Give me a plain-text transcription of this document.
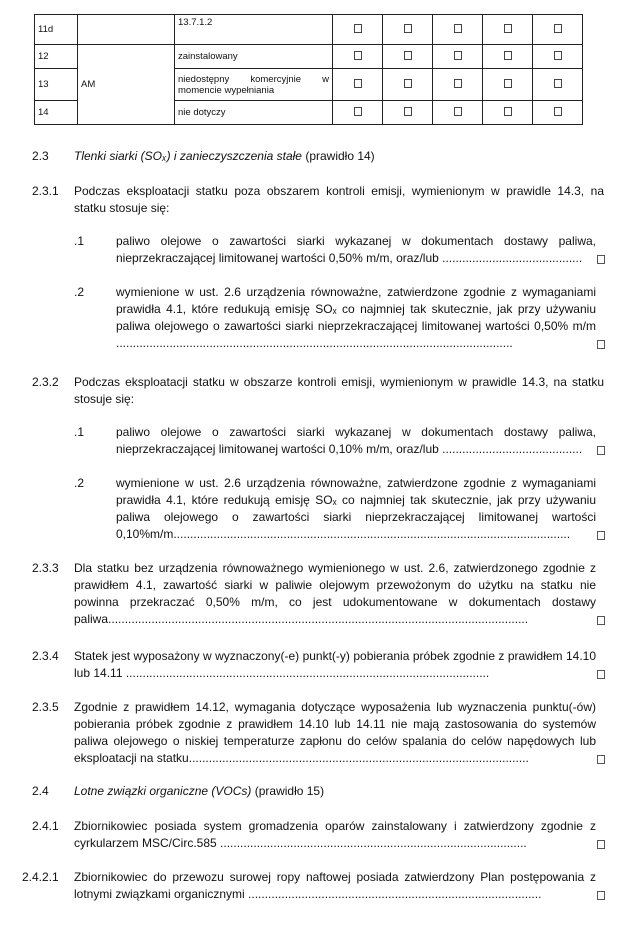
11d		13.7.1.2					
12	AM	zainstalowany					
13		niedostępny komercyjnie w momencie wypełniania					
14		nie dotyczy					
2.3 Tlenki siarki (SOₓ) i zanieczyszczenia stałe (prawidło 14)
2.3.1 Podczas eksploatacji statku poza obszarem kontroli emisji, wymienionym w prawidle 14.3, na statku stosuje się:
.1	paliwo olejowe o zawartości siarki wykazanej w dokumentach dostawy paliwa, nieprzekraczającej limitowanej wartości 0,50% m/m, oraz/lub ..........................................
.2	wymienione w ust. 2.6 urządzenia równoważne, zatwierdzone zgodnie z wymaganiami prawidła 4.1, które redukują emisję SOₓ co najmniej tak skutecznie, jak przy używaniu paliwa olejowego o zawartości siarki nieprzekraczającej limitowanej wartości 0,50% m/m .......................................................................................................................
2.3.2 Podczas eksploatacji statku w obszarze kontroli emisji, wymienionym w prawidle 14.3, na statku stosuje się:
.1	paliwo olejowe o zawartości siarki wykazanej w dokumentach dostawy paliwa, nieprzekraczającej limitowanej wartości 0,10% m/m, oraz/lub ..........................................
.2	wymienione w ust. 2.6 urządzenia równoważne, zatwierdzone zgodnie z wymaganiami prawidła 4.1, które redukują emisję SOₓ co najmniej tak skutecznie, jak przy używaniu paliwa olejowego o zawartości siarki nieprzekraczającej limitowanej wartości 0,10%m/m.......................................................................................................................
2.3.3 Dla statku bez urządzenia równoważnego wymienionego w ust. 2.6, zatwierdzonego zgodnie z prawidłem 4.1, zawartość siarki w paliwie olejowym przewożonym do użytku na statku nie powinna przekraczać 0,50% m/m, co jest udokumentowane w dokumentach dostawy paliwa..............................................................................................................................
2.3.4 Statek jest wyposażony w wyznaczony(-e) punkt(-y) pobierania próbek zgodnie z prawidłem 14.10 lub 14.11 .............................................................................................................
2.3.5 Zgodnie z prawidłem 14.12, wymagania dotyczące wyposażenia lub wyznaczenia punktu(-ów) pobierania próbek zgodnie z prawidłem 14.10 lub 14.11 nie mają zastosowania do systemów paliwa olejowego o niskiej temperaturze zapłonu do celów spalania do celów napędowych lub eksploatacji na statku......................................................................................................
2.4 Lotne związki organiczne (VOCs) (prawidło 15)
2.4.1 Zbiornikowiec posiada system gromadzenia oparów zainstalowany i zatwierdzony zgodnie z cyrkularzem MSC/Circ.585 ............................................................................................
2.4.2.1 Zbiornikowiec do przewozu surowej ropy naftowej posiada zatwierdzony Plan postępowania z lotnymi związkami organicznymi ........................................................................................
